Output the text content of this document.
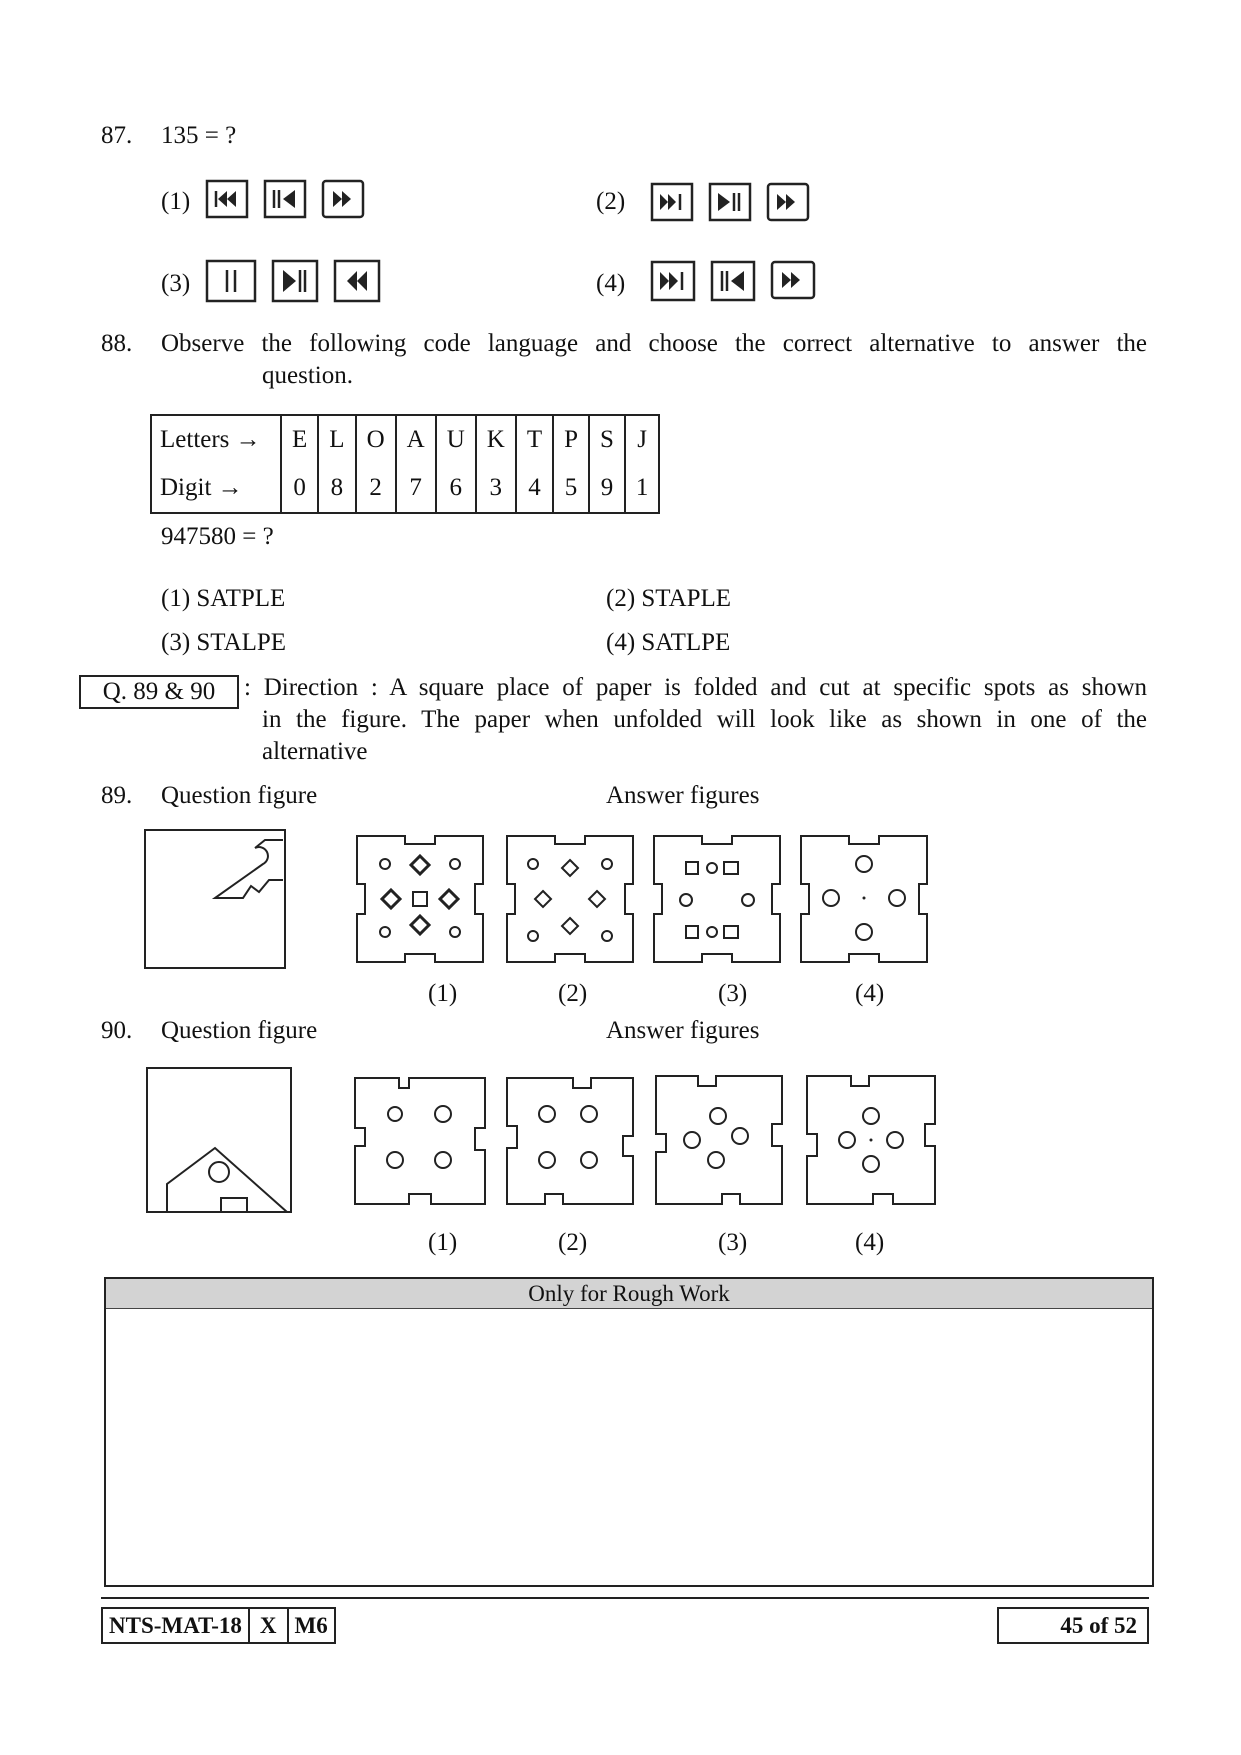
87. 135 = ?
(1)	(2)
(3)	(4)
88. Observe the following code language and choose the correct alternative to answer the
question.
Letters →	E	L	O	A	U	K	T	P	S	J
Digit →	0	8	2	7	6	3	4	5	9	1
947580 = ?
(1) SATPLE	(2) STAPLE
(3) STALPE	(4) SATLPE
Q. 89 & 90	: Direction : A square place of paper is folded and cut at specific spots as shown
in the figure. The paper when unfolded will look like as shown in one of the
alternative
89. Question figure	Answer figures
(1)	(2)	(3)	(4)
90. Question figure	Answer figures
(1)	(2)	(3)	(4)
Only for Rough Work
NTS-MAT-18 X M6	45 of 52
